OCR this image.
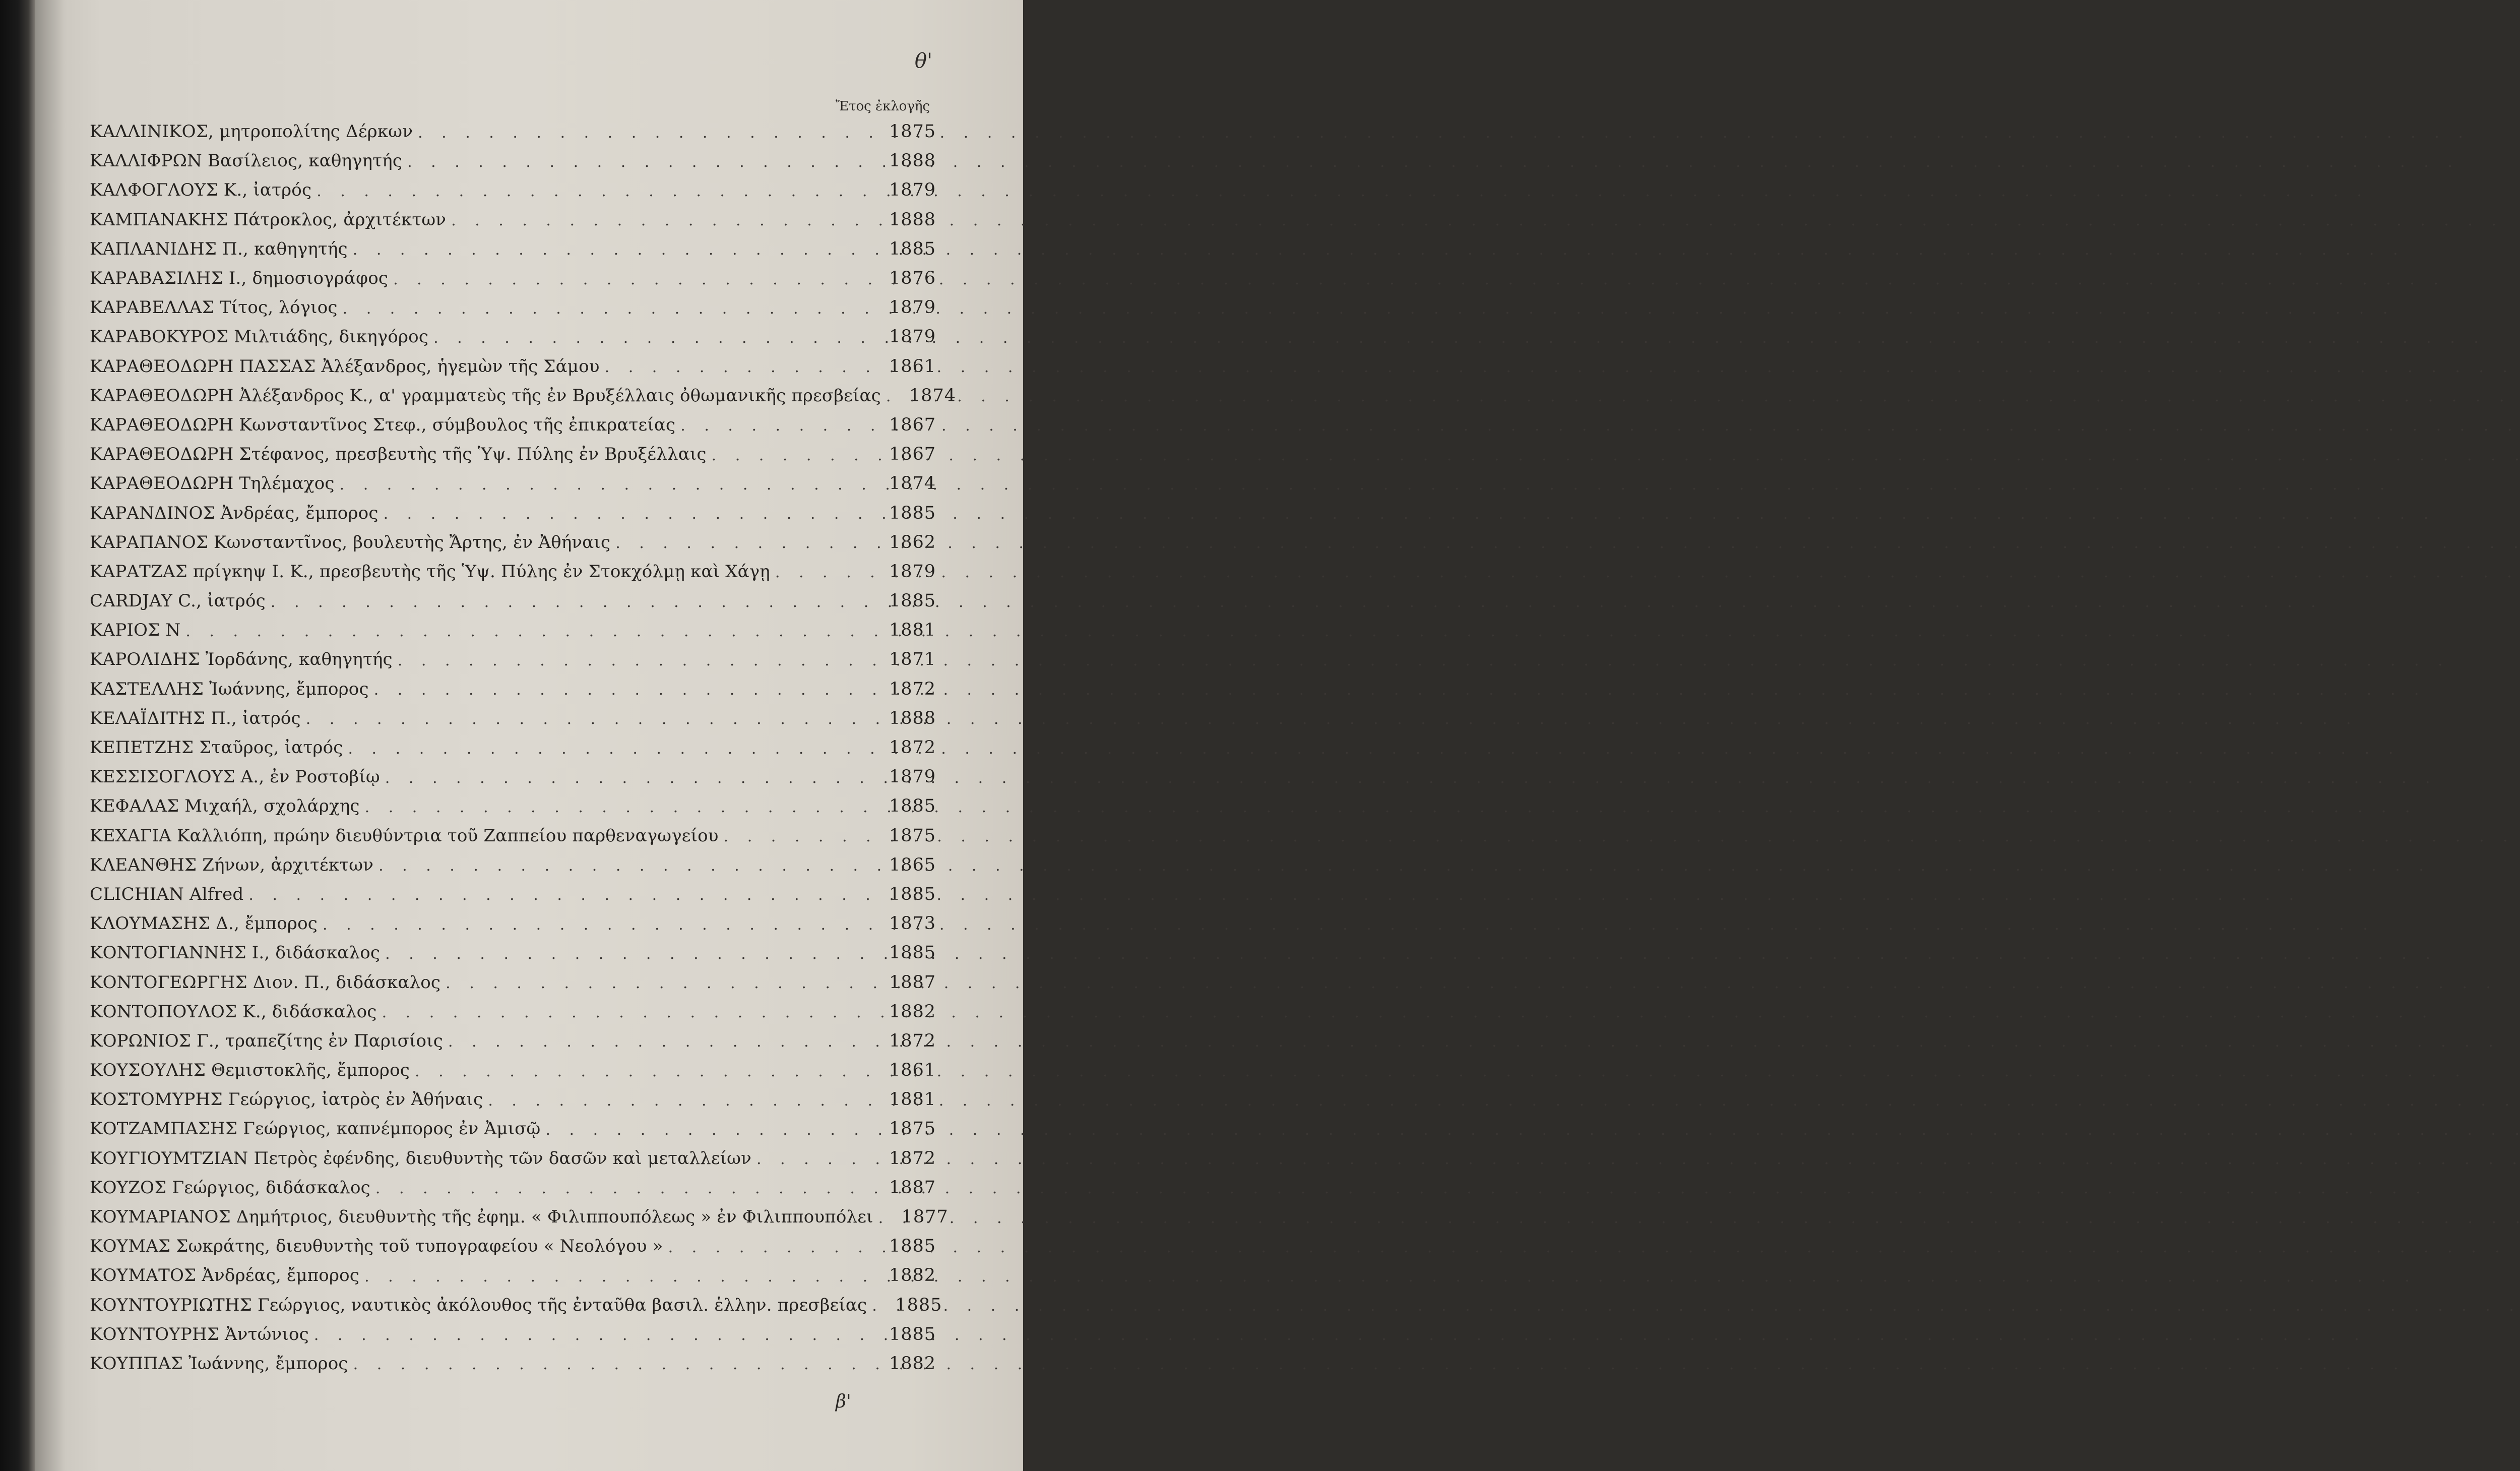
θ'
Ἔτος ἐκλογῆς
ΚΑΛΛΙΝΙΚΟΣ, μητροπολίτης Δέρκων . . .	1875
ΚΑΛΛΙΦΡΩΝ Βασίλειος, καθηγητής . . .	1888
ΚΑΛΦΟΓΛΟΥΣ Κ., ἰατρός . . .	1879
ΚΑΜΠΑΝΑΚΗΣ Πάτροκλος, ἀρχιτέκτων . . .	1888
ΚΑΠΛΑΝΙΔΗΣ Π., καθηγητής . . .	1885
ΚΑΡΑΒΑΣΙΛΗΣ Ι., δημοσιογράφος . . .	1876
ΚΑΡΑΒΕΛΛΑΣ Τίτος, λόγιος . . .	1879
ΚΑΡΑΒΟΚΥΡΟΣ Μιλτιάδης, δικηγόρος . . .	1879
ΚΑΡΑΘΕΟΔΩΡΗ ΠΑΣΣΑΣ Ἀλέξανδρος, ἡγεμὼν τῆς Σάμου . . .	1861
ΚΑΡΑΘΕΟΔΩΡΗ Ἀλέξανδρος Κ., α' γραμματεὺς τῆς ἐν Βρυξέλλαις ὀθωμανικῆς πρεσβείας . . . 1874
ΚΑΡΑΘΕΟΔΩΡΗ Κωνσταντῖνος Στεφ., σύμβουλος τῆς ἐπικρατείας . . .	1867
ΚΑΡΑΘΕΟΔΩΡΗ Στέφανος, πρεσβευτὴς τῆς Ὑψ. Πύλης ἐν Βρυξέλλαις . . .	1867
ΚΑΡΑΘΕΟΔΩΡΗ Τηλέμαχος . . .	1874
ΚΑΡΑΝΔΙΝΟΣ Ἀνδρέας, ἔμπορος . . .	1885
ΚΑΡΑΠΑΝΟΣ Κωνσταντῖνος, βουλευτὴς Ἄρτης, ἐν Ἀθήναις . . .	1862
ΚΑΡΑΤΖΑΣ πρίγκηψ Ι. Κ., πρεσβευτὴς τῆς Ὑψ. Πύλης ἐν Στοκχόλμῃ καὶ Χάγῃ . . .	1879
CARDJAY C., ἰατρός . . .	1885
ΚΑΡΙΟΣ Ν . . .	1881
ΚΑΡΟΛΙΔΗΣ Ἰορδάνης, καθηγητής . . .	1871
ΚΑΣΤΕΛΛΗΣ Ἰωάννης, ἔμπορος . . .	1872
ΚΕΛΑΪΔΙΤΗΣ Π., ἰατρός . . .	1888
ΚΕΠΕΤΖΗΣ Σταῦρος, ἰατρός . . .	1872
ΚΕΣΣΙΣΟΓΛΟΥΣ Α., ἐν Ροστοβίῳ . . .	1879
ΚΕΦΑΛΑΣ Μιχαήλ, σχολάρχης . . .	1885
ΚΕΧΑΓΙΑ Καλλιόπη, πρώην διευθύντρια τοῦ Ζαππείου παρθεναγωγείου . . .	1875
ΚΛΕΑΝΘΗΣ Ζήνων, ἀρχιτέκτων . . .	1865
CLICHIAN Alfred . . .	1885
ΚΛΟΥΜΑΣΗΣ Δ., ἔμπορος . . .	1873
ΚΟΝΤΟΓΙΑΝΝΗΣ Ι., διδάσκαλος . . .	1885
ΚΟΝΤΟΓΕΩΡΓΗΣ Διον. Π., διδάσκαλος . . .	1887
ΚΟΝΤΟΠΟΥΛΟΣ Κ., διδάσκαλος . . .	1882
ΚΟΡΩΝΙΟΣ Γ., τραπεζίτης ἐν Παρισίοις . . .	1872
ΚΟΥΣΟΥΛΗΣ Θεμιστοκλῆς, ἔμπορος . . .	1861
ΚΟΣΤΟΜΥΡΗΣ Γεώργιος, ἰατρὸς ἐν Ἀθήναις . . .	1881
ΚΟΤΖΑΜΠΑΣΗΣ Γεώργιος, καπνέμπορος ἐν Ἀμισῷ . . .	1875
ΚΟΥΓΙΟΥΜΤΖΙΑΝ Πετρὸς ἐφένδης, διευθυντὴς τῶν δασῶν καὶ μεταλλείων . . .	1872
ΚΟΥΖΟΣ Γεώργιος, διδάσκαλος . . .	1887
ΚΟΥΜΑΡΙΑΝΟΣ Δημήτριος, διευθυντὴς τῆς ἐφημ. « Φιλιππουπόλεως » ἐν Φιλιππουπόλει . . . 1877
ΚΟΥΜΑΣ Σωκράτης, διευθυντὴς τοῦ τυπογραφείου « Νεολόγου » . . .	1885
ΚΟΥΜΑΤΟΣ Ἀνδρέας, ἔμπορος . . .	1882
ΚΟΥΝΤΟΥΡΙΩΤΗΣ Γεώργιος, ναυτικὸς ἀκόλουθος τῆς ἐνταῦθα βασιλ. ἑλλην. πρεσβείας . . . 1885
ΚΟΥΝΤΟΥΡΗΣ Ἀντώνιος . . .	1885
ΚΟΥΠΠΑΣ Ἰωάννης, ἔμπορος . . .	1882
β'
